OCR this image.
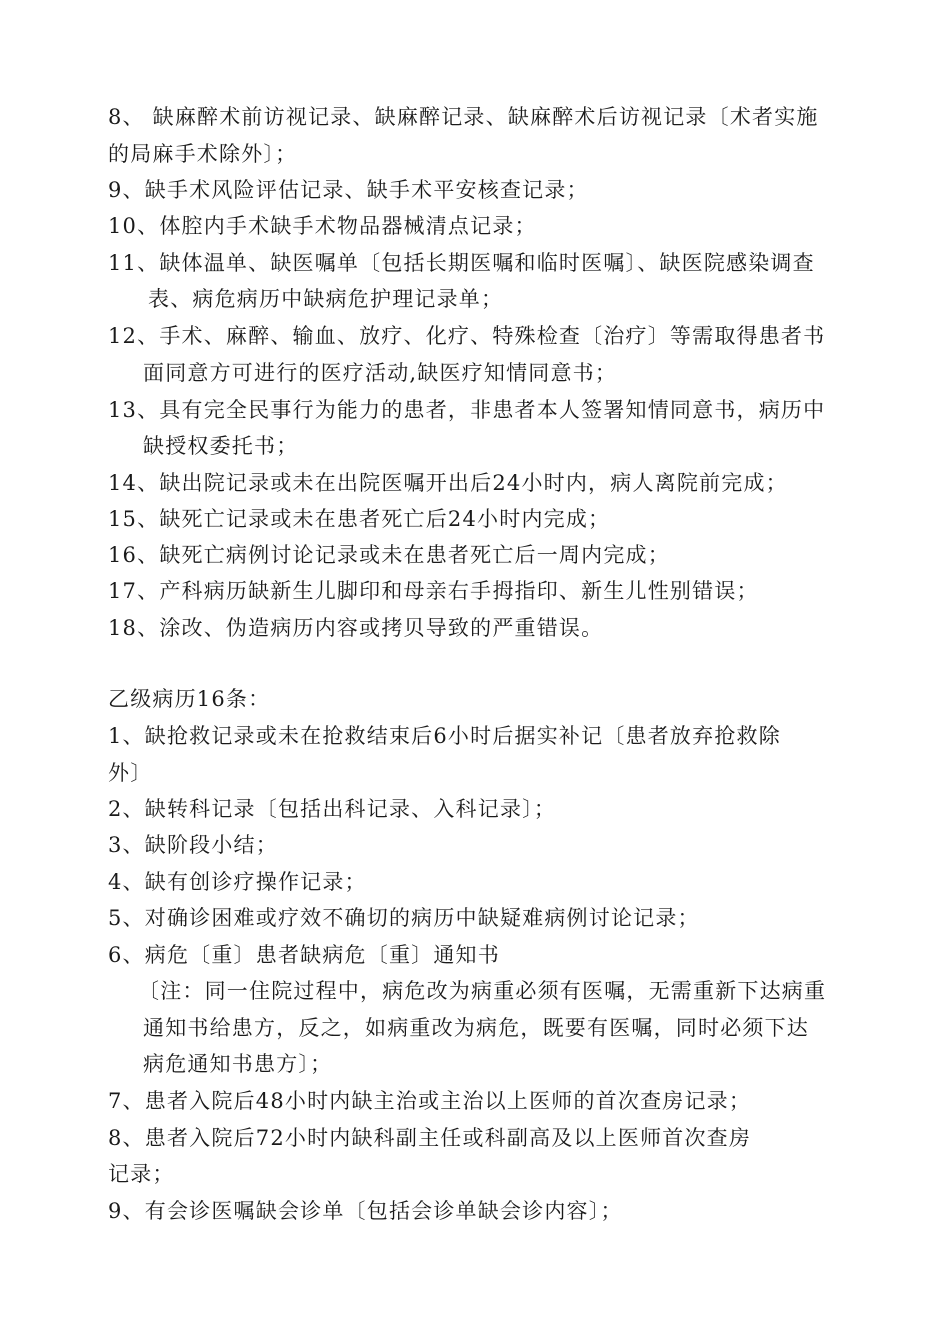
8、 缺麻醉术前访视记录、缺麻醉记录、缺麻醉术后访视记录〔术者实施
的局麻手术除外〕；
9、缺手术风险评估记录、缺手术平安核查记录；
10、体腔内手术缺手术物品器械清点记录；
11、缺体温单、缺医嘱单〔包括长期医嘱和临时医嘱〕、缺医院感染调查
表、病危病历中缺病危护理记录单；
12、手术、麻醉、输血、放疗、化疗、特殊检查〔治疗〕等需取得患者书
面同意方可进行的医疗活动,缺医疗知情同意书；
13、具有完全民事行为能力的患者，非患者本人签署知情同意书，病历中
缺授权委托书；
14、缺出院记录或未在出院医嘱开出后24小时内，病人离院前完成；
15、缺死亡记录或未在患者死亡后24小时内完成；
16、缺死亡病例讨论记录或未在患者死亡后一周内完成；
17、产科病历缺新生儿脚印和母亲右手拇指印、新生儿性别错误；
18、涂改、伪造病历内容或拷贝导致的严重错误。
乙级病历16条：
1、缺抢救记录或未在抢救结束后6小时后据实补记〔患者放弃抢救除
外〕
2、缺转科记录〔包括出科记录、入科记录〕；
3、缺阶段小结；
4、缺有创诊疗操作记录；
5、对确诊困难或疗效不确切的病历中缺疑难病例讨论记录；
6、病危〔重〕患者缺病危〔重〕通知书
〔注：同一住院过程中，病危改为病重必须有医嘱，无需重新下达病重
通知书给患方，反之，如病重改为病危，既要有医嘱，同时必须下达
病危通知书患方〕；
7、患者入院后48小时内缺主治或主治以上医师的首次查房记录；
8、患者入院后72小时内缺科副主任或科副高及以上医师首次查房
记录；
9、有会诊医嘱缺会诊单〔包括会诊单缺会诊内容〕；
